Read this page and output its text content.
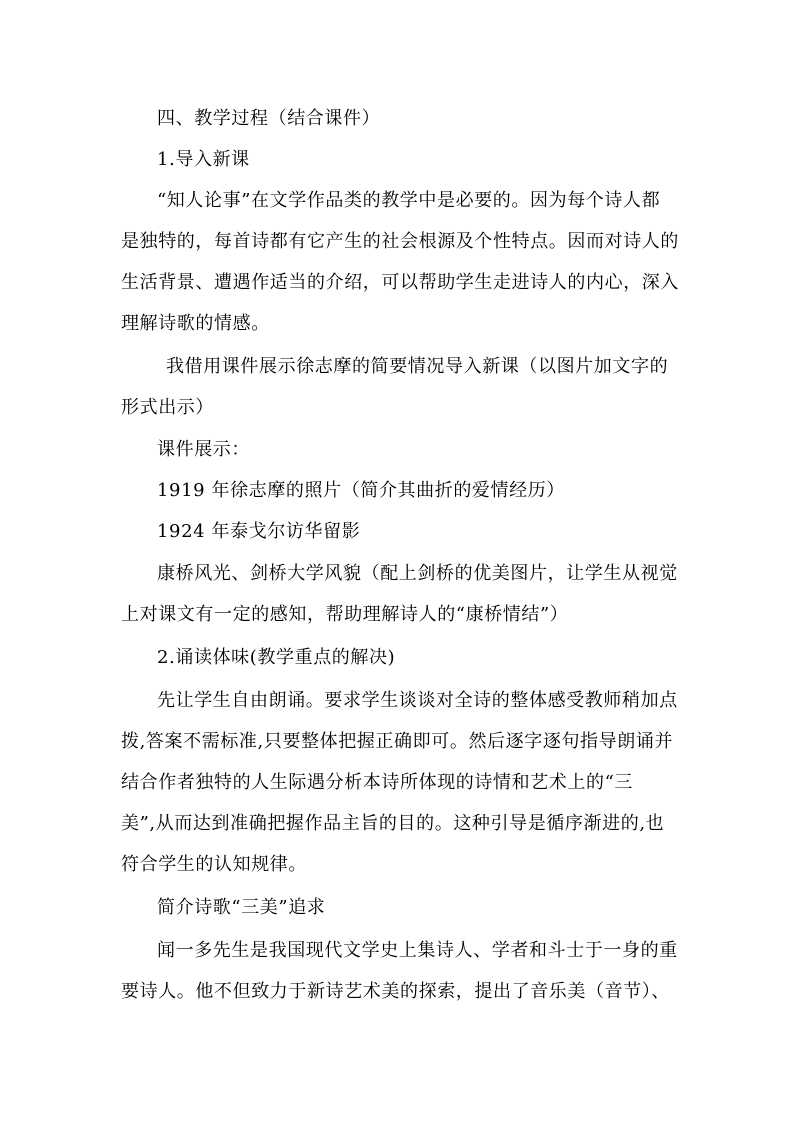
四、教学过程（结合课件）
1.导入新课
“知人论事”在文学作品类的教学中是必要的。因为每个诗人都
是独特的，每首诗都有它产生的社会根源及个性特点。因而对诗人的
生活背景、遭遇作适当的介绍，可以帮助学生走进诗人的内心，深入
理解诗歌的情感。
我借用课件展示徐志摩的简要情况导入新课（以图片加文字的
形式出示）
课件展示：
1919 年徐志摩的照片（简介其曲折的爱情经历）
1924 年泰戈尔访华留影
康桥风光、剑桥大学风貌（配上剑桥的优美图片，让学生从视觉
上对课文有一定的感知，帮助理解诗人的“康桥情结”）
2.诵读体味(教学重点的解决)
先让学生自由朗诵。要求学生谈谈对全诗的整体感受教师稍加点
拨,答案不需标准,只要整体把握正确即可。然后逐字逐句指导朗诵并
结合作者独特的人生际遇分析本诗所体现的诗情和艺术上的“三
美”,从而达到准确把握作品主旨的目的。这种引导是循序渐进的,也
符合学生的认知规律。
简介诗歌“三美”追求
闻一多先生是我国现代文学史上集诗人、学者和斗士于一身的重
要诗人。他不但致力于新诗艺术美的探索，提出了音乐美（音节）、
